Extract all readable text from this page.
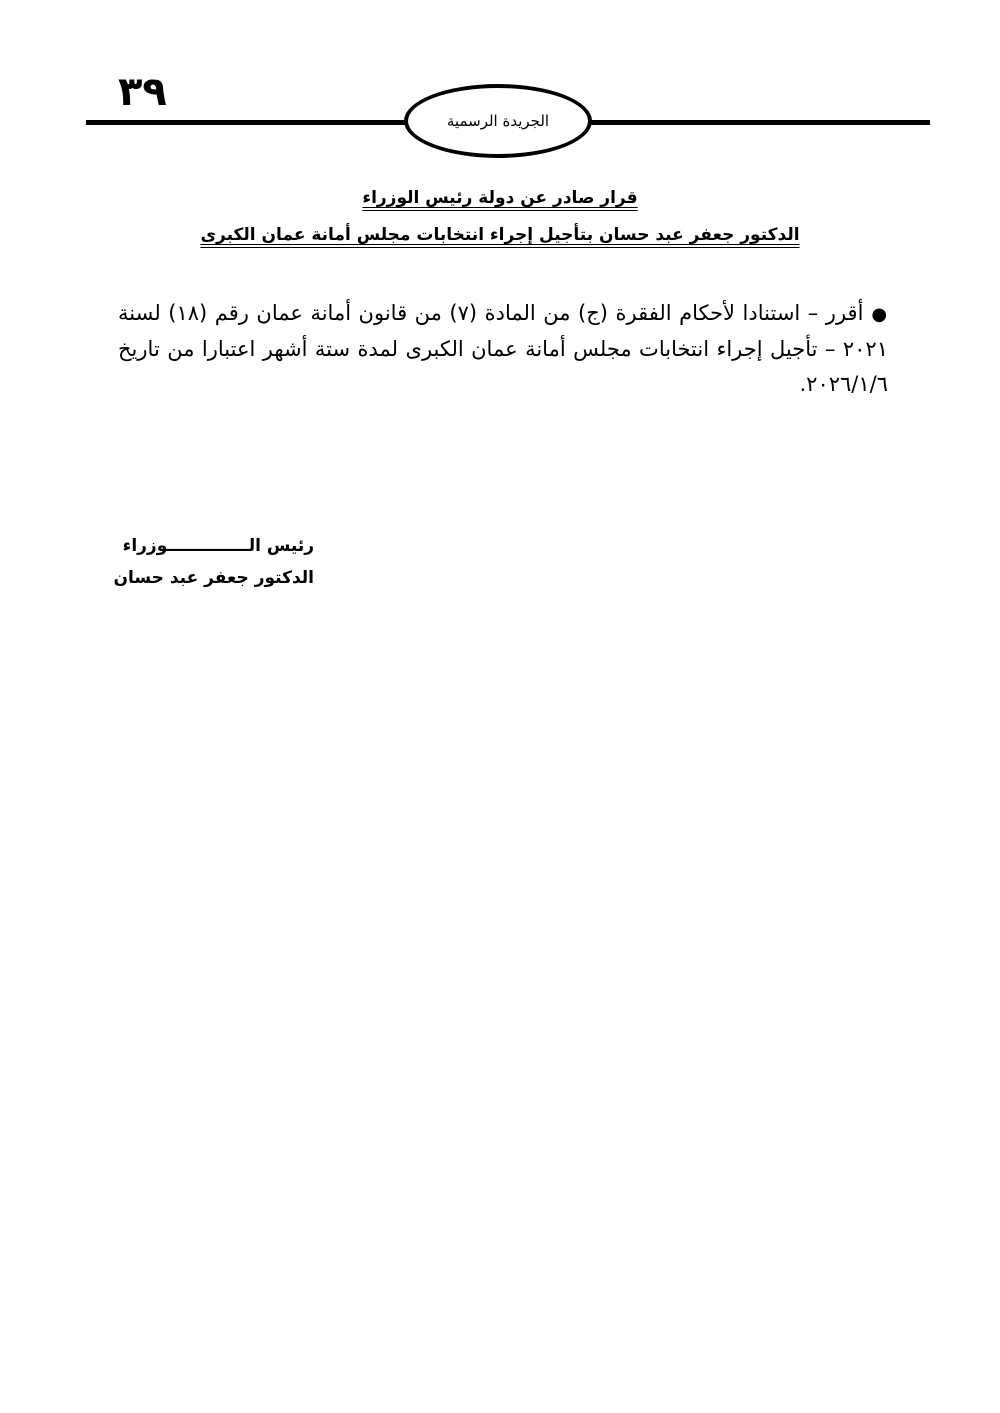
٣٩
الجريدة الرسمية
قرار صادر عن دولة رئيس الوزراء
الدكتور جعفر عبد حسان بتأجيل إجراء انتخابات مجلس أمانة عمان الكبرى
●أقرر – استنادا لأحكام الفقرة (ج) من المادة (٧) من قانون أمانة عمان رقم (١٨) لسنة ٢٠٢١ – تأجيل إجراء انتخابات مجلس أمانة عمان الكبرى لمدة ستة أشهر اعتبارا من تاريخ ٢٠٢٦/١/٦.
رئيس الــــــــــــــوزراء
الدكتور جعفر عبد حسان
